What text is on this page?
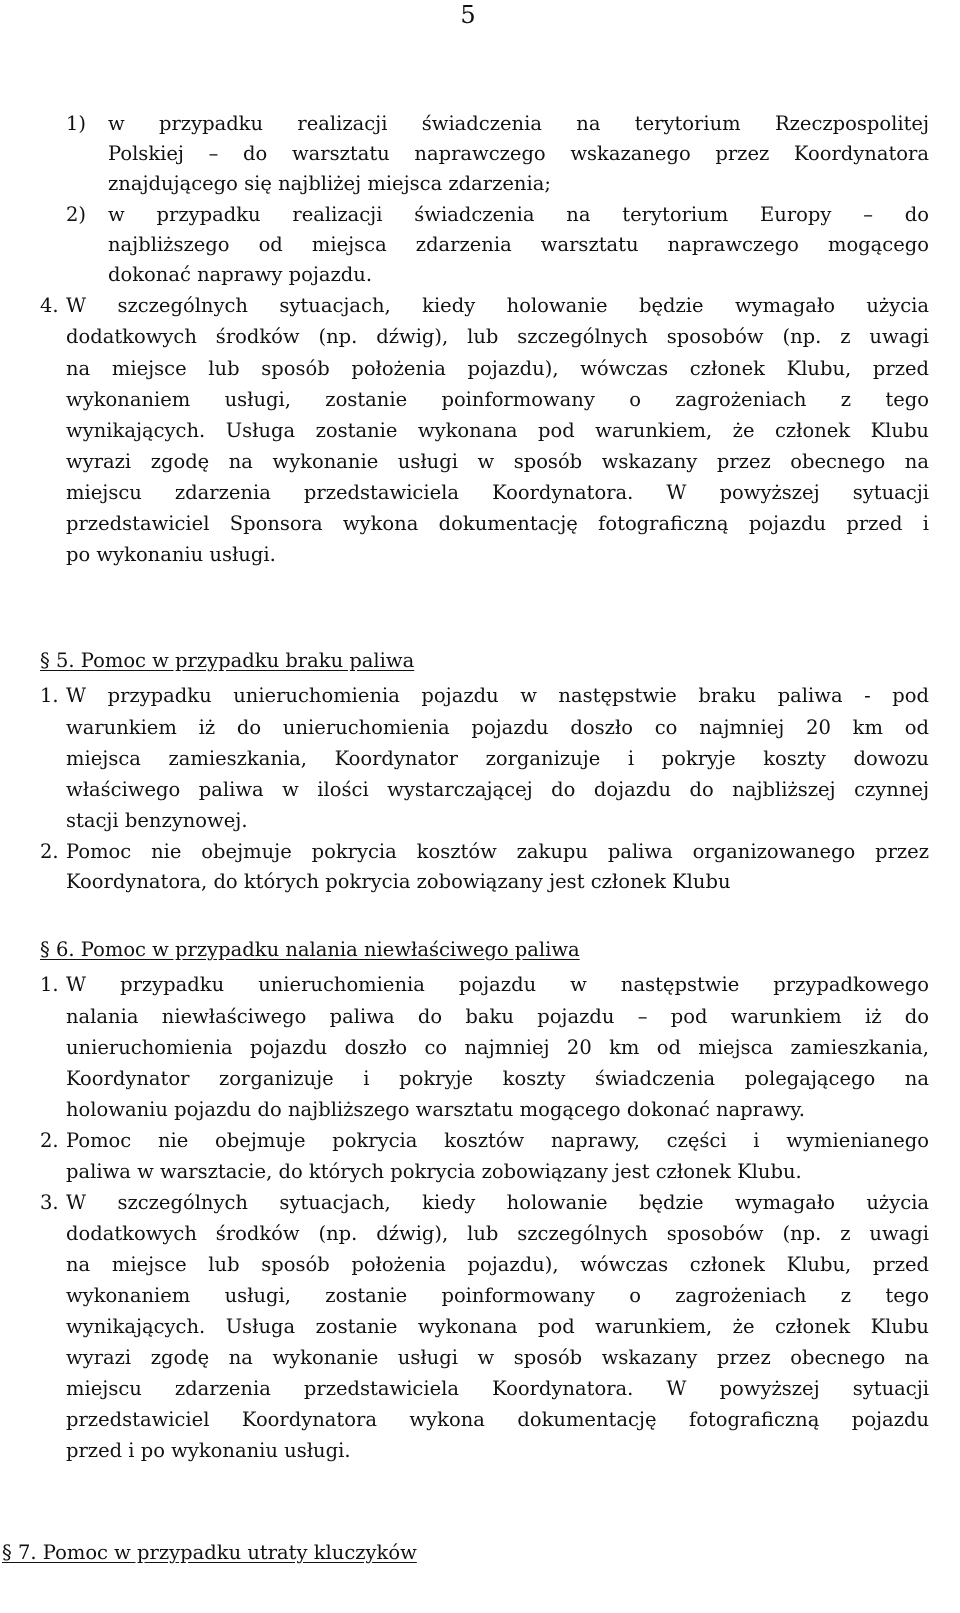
5
1) w przypadku realizacji świadczenia na terytorium Rzeczpospolitej
Polskiej – do warsztatu naprawczego wskazanego przez Koordynatora
znajdującego się najbliżej miejsca zdarzenia;
2) w przypadku realizacji świadczenia na terytorium Europy – do
najbliższego od miejsca zdarzenia warsztatu naprawczego mogącego
dokonać naprawy pojazdu.
4. W szczególnych sytuacjach, kiedy holowanie będzie wymagało użycia
dodatkowych środków (np. dźwig), lub szczególnych sposobów (np. z uwagi
na miejsce lub sposób położenia pojazdu), wówczas członek Klubu, przed
wykonaniem usługi, zostanie poinformowany o zagrożeniach z tego
wynikających. Usługa zostanie wykonana pod warunkiem, że członek Klubu
wyrazi zgodę na wykonanie usługi w sposób wskazany przez obecnego na
miejscu zdarzenia przedstawiciela Koordynatora. W powyższej sytuacji
przedstawiciel Sponsora wykona dokumentację fotograficzną pojazdu przed i
po wykonaniu usługi.
§ 5. Pomoc w przypadku braku paliwa
1. W przypadku unieruchomienia pojazdu w następstwie braku paliwa - pod
warunkiem iż do unieruchomienia pojazdu doszło co najmniej 20 km od
miejsca zamieszkania, Koordynator zorganizuje i pokryje koszty dowozu
właściwego paliwa w ilości wystarczającej do dojazdu do najbliższej czynnej
stacji benzynowej.
2. Pomoc nie obejmuje pokrycia kosztów zakupu paliwa organizowanego przez
Koordynatora, do których pokrycia zobowiązany jest członek Klubu
§ 6. Pomoc w przypadku nalania niewłaściwego paliwa
1. W przypadku unieruchomienia pojazdu w następstwie przypadkowego
nalania niewłaściwego paliwa do baku pojazdu – pod warunkiem iż do
unieruchomienia pojazdu doszło co najmniej 20 km od miejsca zamieszkania,
Koordynator zorganizuje i pokryje koszty świadczenia polegającego na
holowaniu pojazdu do najbliższego warsztatu mogącego dokonać naprawy.
2. Pomoc nie obejmuje pokrycia kosztów naprawy, części i wymienianego
paliwa w warsztacie, do których pokrycia zobowiązany jest członek Klubu.
3. W szczególnych sytuacjach, kiedy holowanie będzie wymagało użycia
dodatkowych środków (np. dźwig), lub szczególnych sposobów (np. z uwagi
na miejsce lub sposób położenia pojazdu), wówczas członek Klubu, przed
wykonaniem usługi, zostanie poinformowany o zagrożeniach z tego
wynikających. Usługa zostanie wykonana pod warunkiem, że członek Klubu
wyrazi zgodę na wykonanie usługi w sposób wskazany przez obecnego na
miejscu zdarzenia przedstawiciela Koordynatora. W powyższej sytuacji
przedstawiciel Koordynatora wykona dokumentację fotograficzną pojazdu
przed i po wykonaniu usługi.
§ 7. Pomoc w przypadku utraty kluczyków
